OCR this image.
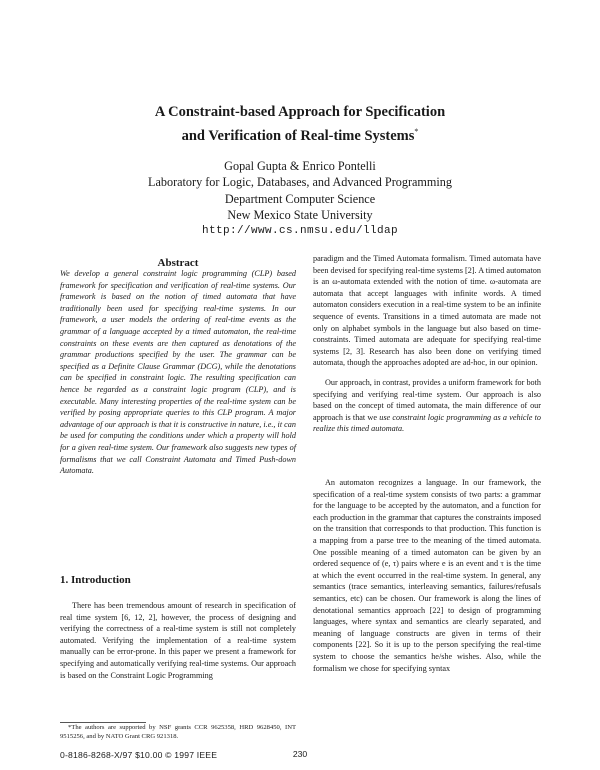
A Constraint-based Approach for Specification
and Verification of Real-time Systems*
Gopal Gupta & Enrico Pontelli
Laboratory for Logic, Databases, and Advanced Programming
Department Computer Science
New Mexico State University
http://www.cs.nmsu.edu/lldap
Abstract
We develop a general constraint logic programming (CLP) based framework for specification and verification of real-time systems. Our framework is based on the notion of timed automata that have traditionally been used for specifying real-time systems. In our framework, a user models the ordering of real-time events as the grammar of a language accepted by a timed automaton, the real-time constraints on these events are then captured as denotations of the grammar productions specified by the user. The grammar can be specified as a Definite Clause Grammar (DCG), while the denotations can be specified in constraint logic. The resulting specification can hence be regarded as a constraint logic program (CLP), and is executable. Many interesting properties of the real-time system can be verified by posing appropriate queries to this CLP program. A major advantage of our approach is that it is constructive in nature, i.e., it can be used for computing the conditions under which a property will hold for a given real-time system. Our framework also suggests new types of formalisms that we call Constraint Automata and Timed Push-down Automata.
1. Introduction
There has been tremendous amount of research in specification of real time system [6, 12, 2], however, the process of designing and verifying the correctness of a real-time system is still not completely automated. Verifying the implementation of a real-time system manually can be error-prone. In this paper we present a framework for specifying and automatically verifying real-time systems. Our approach is based on the Constraint Logic Programming
*The authors are supported by NSF grants CCR 9625358, HRD 9628450, INT 9515256, and by NATO Grant CRG 921318.
paradigm and the Timed Automata formalism. Timed automata have been devised for specifying real-time systems [2]. A timed automaton is an ω-automata extended with the notion of time. ω-automata are automata that accept languages with infinite words. A timed automaton considers execution in a real-time system to be an infinite sequence of events. Transitions in a timed automata are made not only on alphabet symbols in the language but also based on time-constraints. Timed automata are adequate for specifying real-time systems [2, 3]. Research has also been done on verifying timed automata, though the approaches adopted are ad-hoc, in our opinion.
Our approach, in contrast, provides a uniform framework for both specifying and verifying real-time system. Our approach is also based on the concept of timed automata, the main difference of our approach is that we use constraint logic programming as a vehicle to realize this timed automata.
An automaton recognizes a language. In our framework, the specification of a real-time system consists of two parts: a grammar for the language to be accepted by the automaton, and a function for each production in the grammar that captures the constraints imposed on the transition that corresponds to that production. This function is a mapping from a parse tree to the meaning of the timed automata. One possible meaning of a timed automaton can be given by an ordered sequence of (e, τ) pairs where e is an event and τ is the time at which the event occurred in the real-time system. In general, any semantics (trace semantics, interleaving semantics, failures/refusals semantics, etc) can be chosen. Our framework is along the lines of denotational semantics approach [22] to design of programming languages, where syntax and semantics are clearly separated, and meaning of language constructs are given in terms of their components [22]. So it is up to the person specifying the real-time system to choose the semantics he/she wishes. Also, while the formalism we chose for specifying syntax
0-8186-8268-X/97 $10.00 © 1997 IEEE	230
